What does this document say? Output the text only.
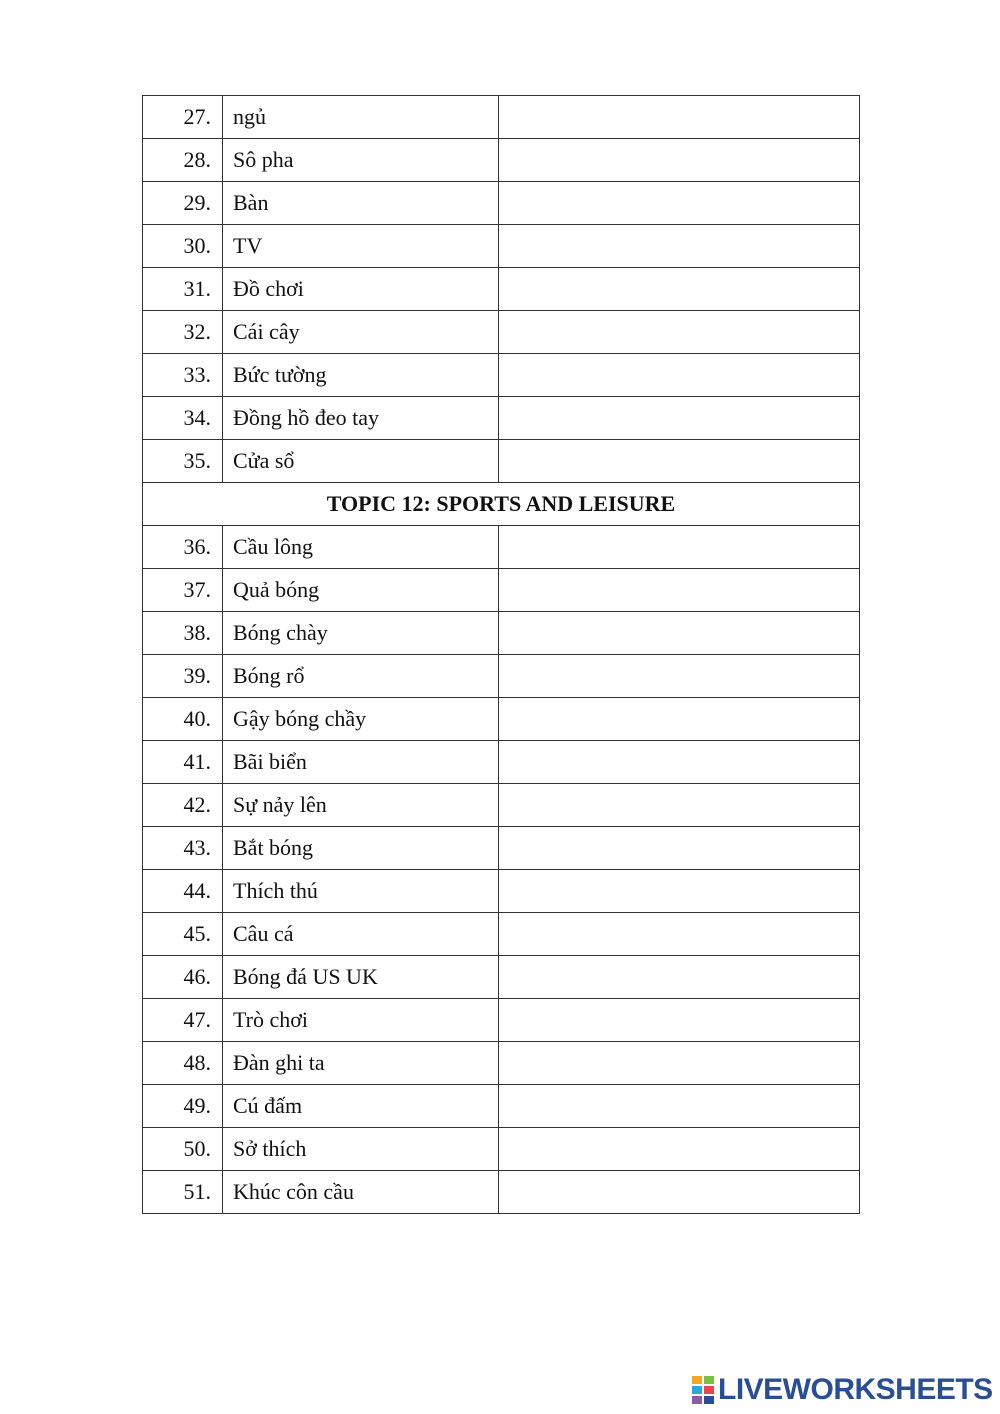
27.	ngủ	
28.	Sô pha	
29.	Bàn	
30.	TV	
31.	Đồ chơi	
32.	Cái cây	
33.	Bức tường	
34.	Đồng hồ đeo tay	
35.	Cửa sổ	
TOPIC 12: SPORTS AND LEISURE		
36.	Cầu lông	
37.	Quả bóng	
38.	Bóng chày	
39.	Bóng rổ	
40.	Gậy bóng chầy	
41.	Bãi biển	
42.	Sự nảy lên	
43.	Bắt bóng	
44.	Thích thú	
45.	Câu cá	
46.	Bóng đá US UK	
47.	Trò chơi	
48.	Đàn ghi ta	
49.	Cú đấm	
50.	Sở thích	
51.	Khúc côn cầu	
LIVEWORKSHEETS
